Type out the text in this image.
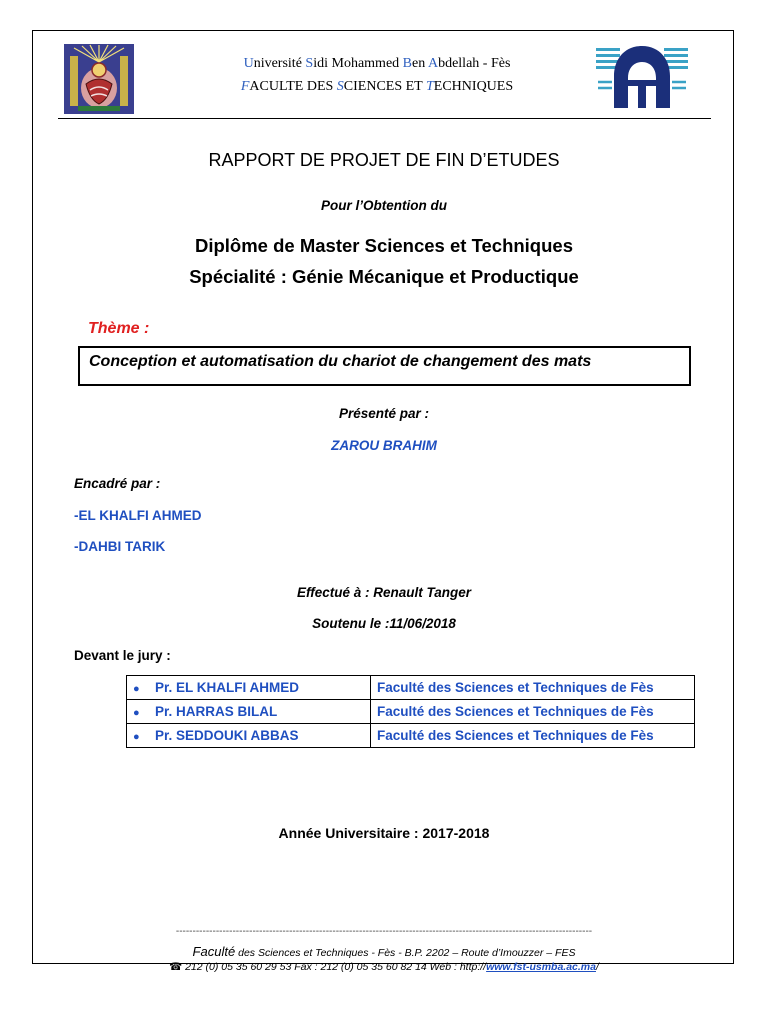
Université Sidi Mohammed Ben Abdellah - Fès
FACULTE DES SCIENCES ET TECHNIQUES
RAPPORT DE PROJET DE FIN D’ETUDES
Pour l’Obtention du
Diplôme de Master Sciences et Techniques
Spécialité : Génie Mécanique et Productique
Thème :
Conception et automatisation du chariot de changement des mats
Présenté par :
ZAROU BRAHIM
Encadré par :
-EL KHALFI AHMED
-DAHBI TARIK
Effectué à : Renault Tanger
Soutenu le :11/06/2018
Devant le jury :
● Pr. EL KHALFI AHMED	Faculté des Sciences et Techniques de Fès
● Pr. HARRAS BILAL	Faculté des Sciences et Techniques de Fès
● Pr. SEDDOUKI ABBAS	Faculté des Sciences et Techniques de Fès
Année Universitaire : 2017-2018
-----------------------------------------------------------------------------------------------------------------------------
Faculté des Sciences et Techniques - Fès - B.P. 2202 – Route d’Imouzzer – FES
☎ 212 (0) 05 35 60 29 53 Fax : 212 (0) 05 35 60 82 14 Web : http://www.fst-usmba.ac.ma/
